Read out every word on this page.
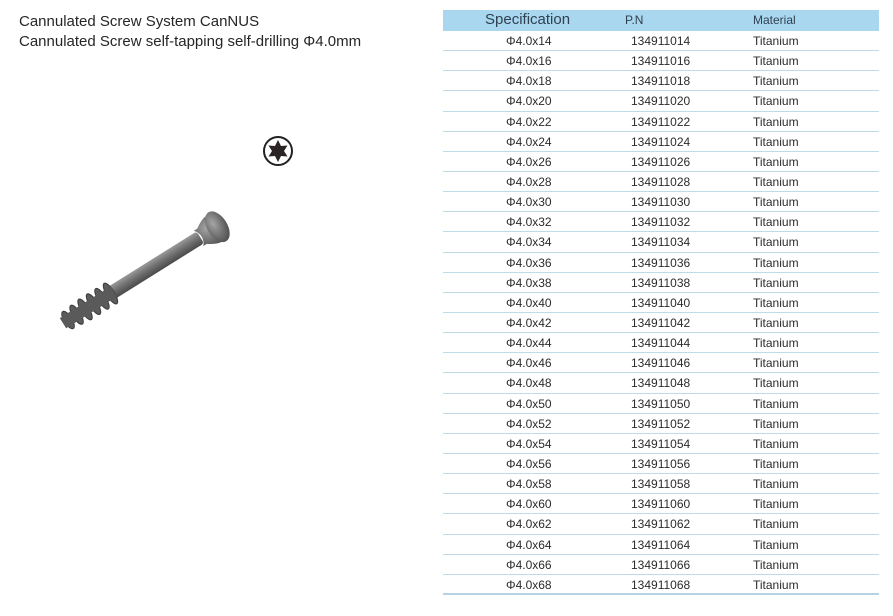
Cannulated Screw System CanNUS
Cannulated Screw self-tapping self-drilling Φ4.0mm
Specification	P.N	Material
Φ4.0x14	134911014	Titanium
Φ4.0x16	134911016	Titanium
Φ4.0x18	134911018	Titanium
Φ4.0x20	134911020	Titanium
Φ4.0x22	134911022	Titanium
Φ4.0x24	134911024	Titanium
Φ4.0x26	134911026	Titanium
Φ4.0x28	134911028	Titanium
Φ4.0x30	134911030	Titanium
Φ4.0x32	134911032	Titanium
Φ4.0x34	134911034	Titanium
Φ4.0x36	134911036	Titanium
Φ4.0x38	134911038	Titanium
Φ4.0x40	134911040	Titanium
Φ4.0x42	134911042	Titanium
Φ4.0x44	134911044	Titanium
Φ4.0x46	134911046	Titanium
Φ4.0x48	134911048	Titanium
Φ4.0x50	134911050	Titanium
Φ4.0x52	134911052	Titanium
Φ4.0x54	134911054	Titanium
Φ4.0x56	134911056	Titanium
Φ4.0x58	134911058	Titanium
Φ4.0x60	134911060	Titanium
Φ4.0x62	134911062	Titanium
Φ4.0x64	134911064	Titanium
Φ4.0x66	134911066	Titanium
Φ4.0x68	134911068	Titanium
